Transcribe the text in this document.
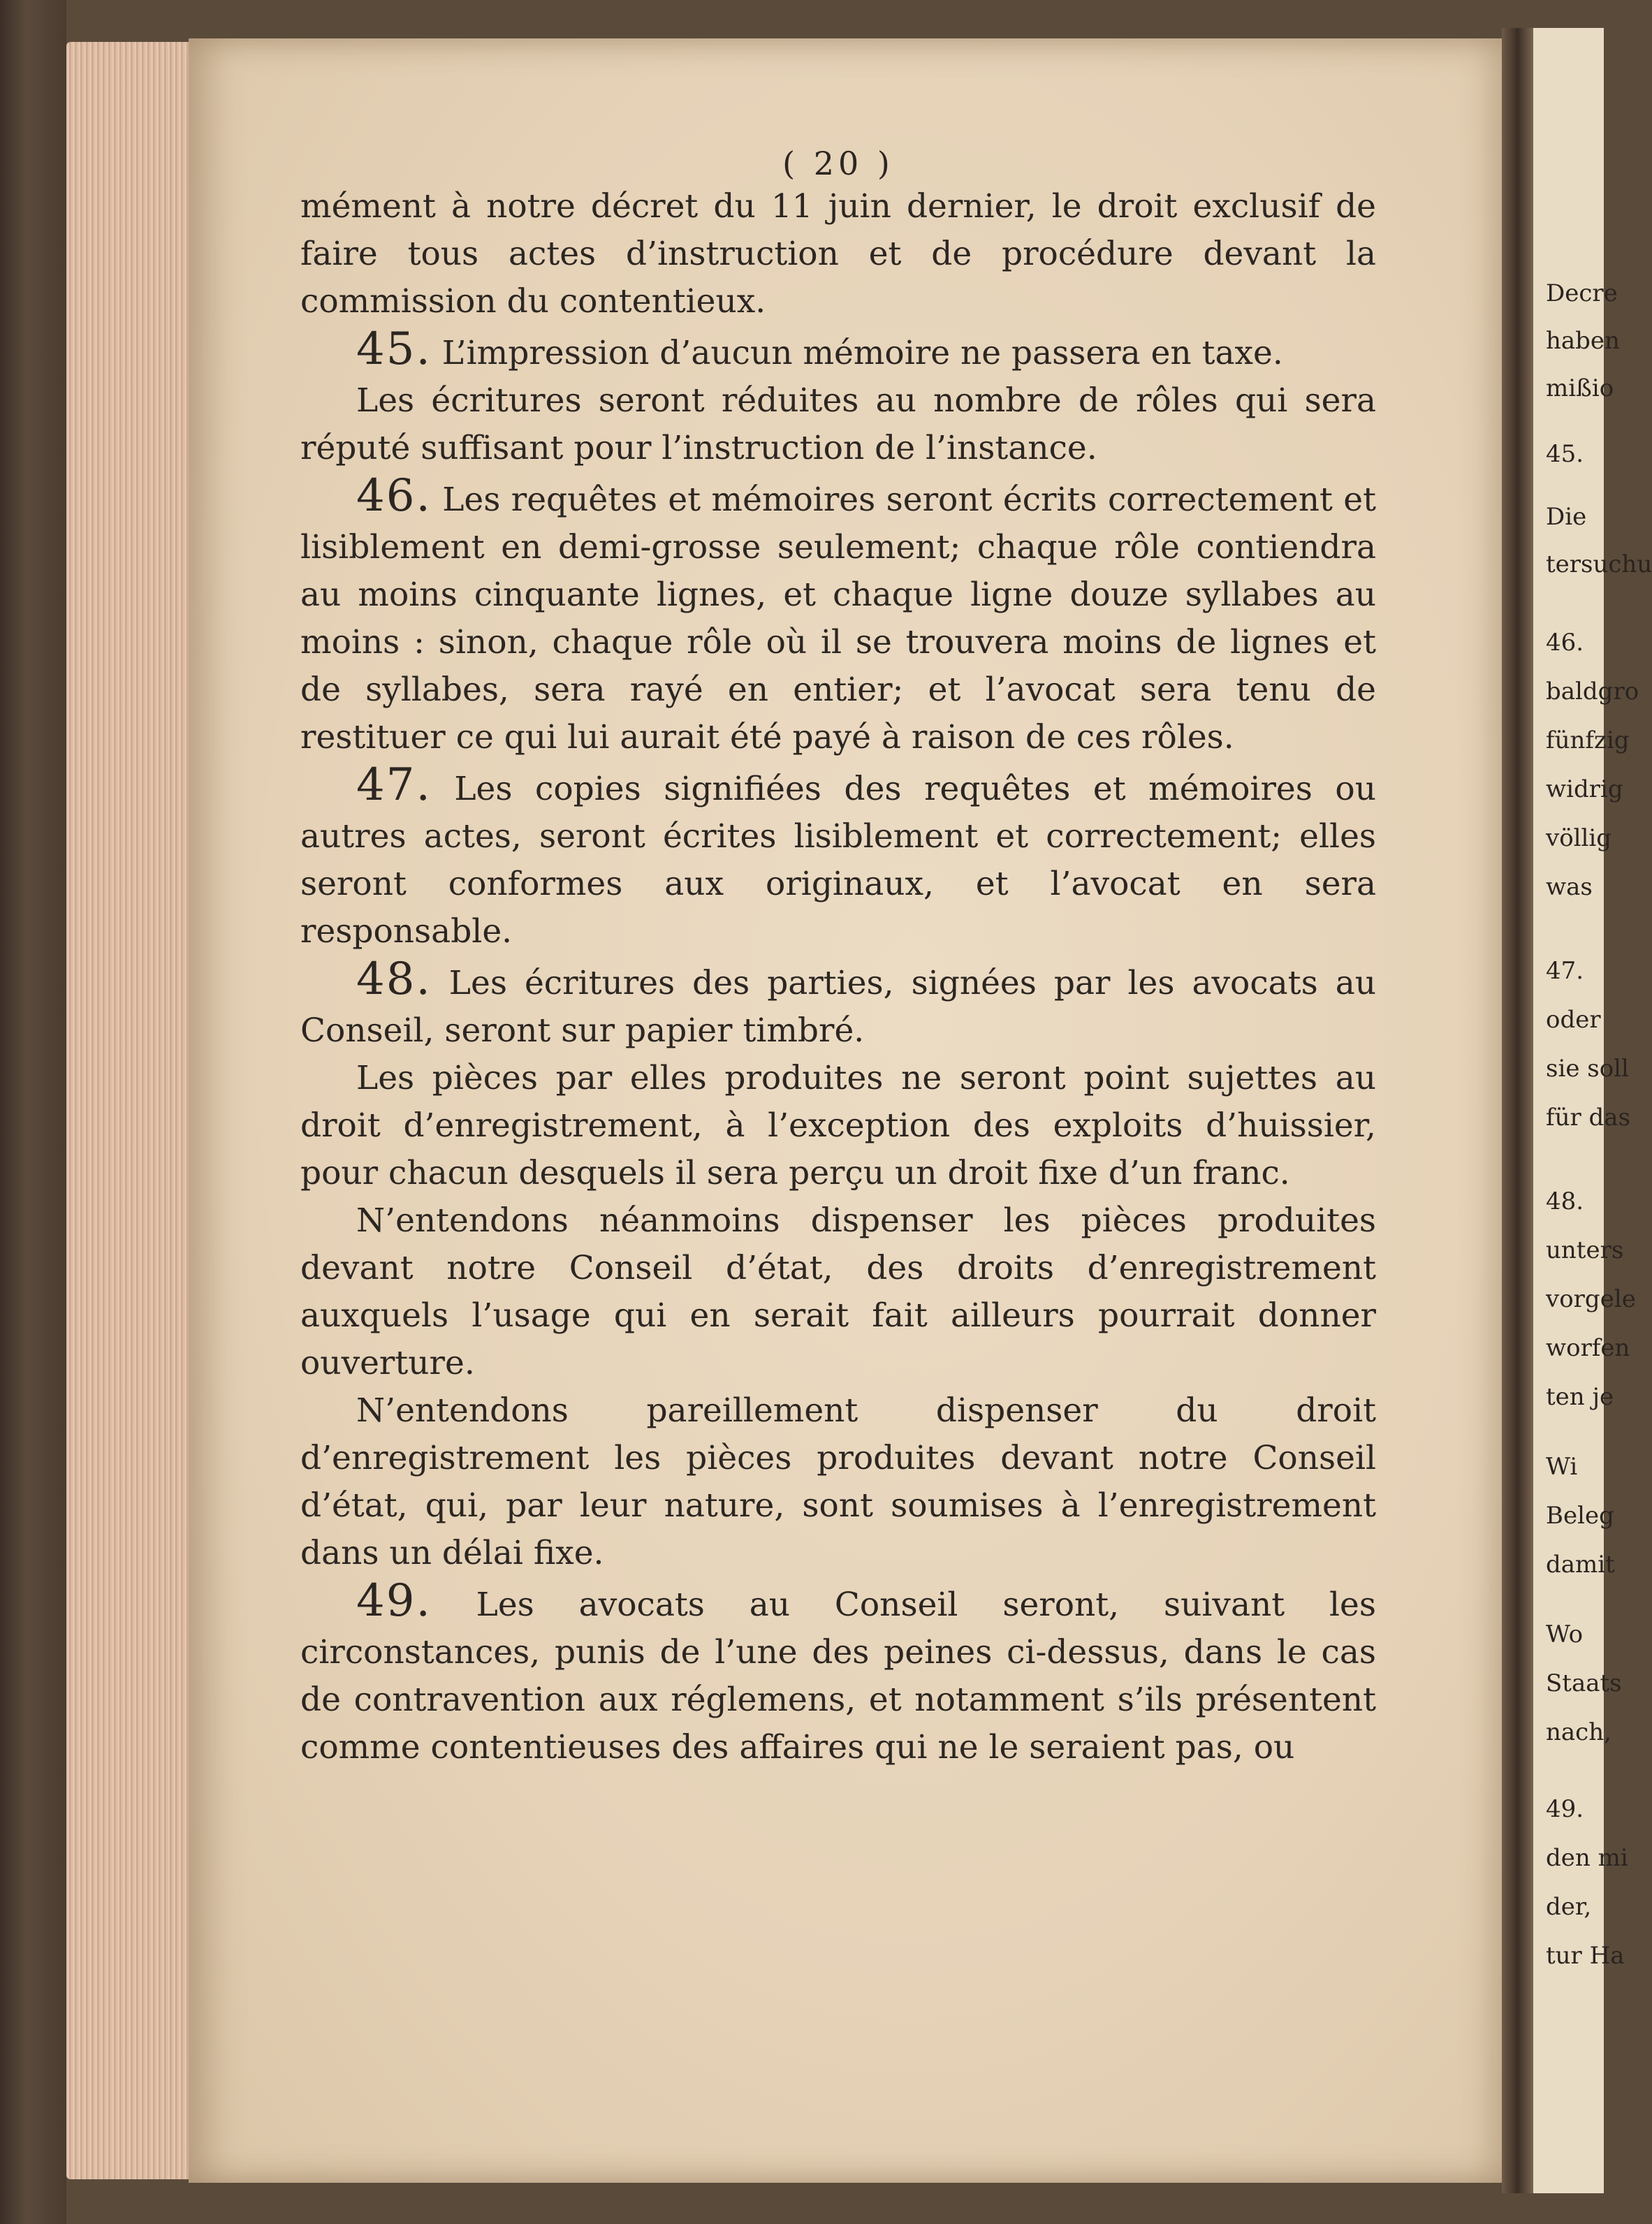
( 20 )

mément à notre décret du 11 juin dernier, le droit exclusif de faire tous actes d’instruction et de procédure devant la commission du contentieux.

45. L’impression d’aucun mémoire ne passera en taxe.

Les écritures seront réduites au nombre de rôles qui sera réputé suffisant pour l’instruction de l’instance.

46. Les requêtes et mémoires seront écrits correctement et lisiblement en demi-grosse seulement; chaque rôle contiendra au moins cinquante lignes, et chaque ligne douze syllabes au moins : sinon, chaque rôle où il se trouvera moins de lignes et de syllabes, sera rayé en entier; et l’avocat sera tenu de restituer ce qui lui aurait été payé à raison de ces rôles.

47. Les copies signifiées des requêtes et mémoires ou autres actes, seront écrites lisiblement et correctement; elles seront conformes aux originaux, et l’avocat en sera responsable.

48. Les écritures des parties, signées par les avocats au Conseil, seront sur papier timbré.

Les pièces par elles produites ne seront point sujettes au droit d’enregistrement, à l’exception des exploits d’huissier, pour chacun desquels il sera perçu un droit fixe d’un franc.

N’entendons néanmoins dispenser les pièces produites devant notre Conseil d’état, des droits d’enregistrement auxquels l’usage qui en serait fait ailleurs pourrait donner ouverture.

N’entendons pareillement dispenser du droit d’enregistrement les pièces produites devant notre Conseil d’état, qui, par leur nature, sont soumises à l’enregistrement dans un délai fixe.

49. Les avocats au Conseil seront, suivant les circonstances, punis de l’une des peines ci-dessus, dans le cas de contravention aux réglemens, et notamment s’ils présentent comme contentieuses des affaires qui ne le seraient pas, ou

Decre
haben
mißio
45.
Die
tersuchu
46.
baldgro
fünfzig
widrig
völlig
was
47.
oder
sie soll
für das
48.
unters
vorgele
worfen
ten je
Wi
Beleg
damit
Wo
Staats
nach,
49.
den mi
der,
tur Ha
